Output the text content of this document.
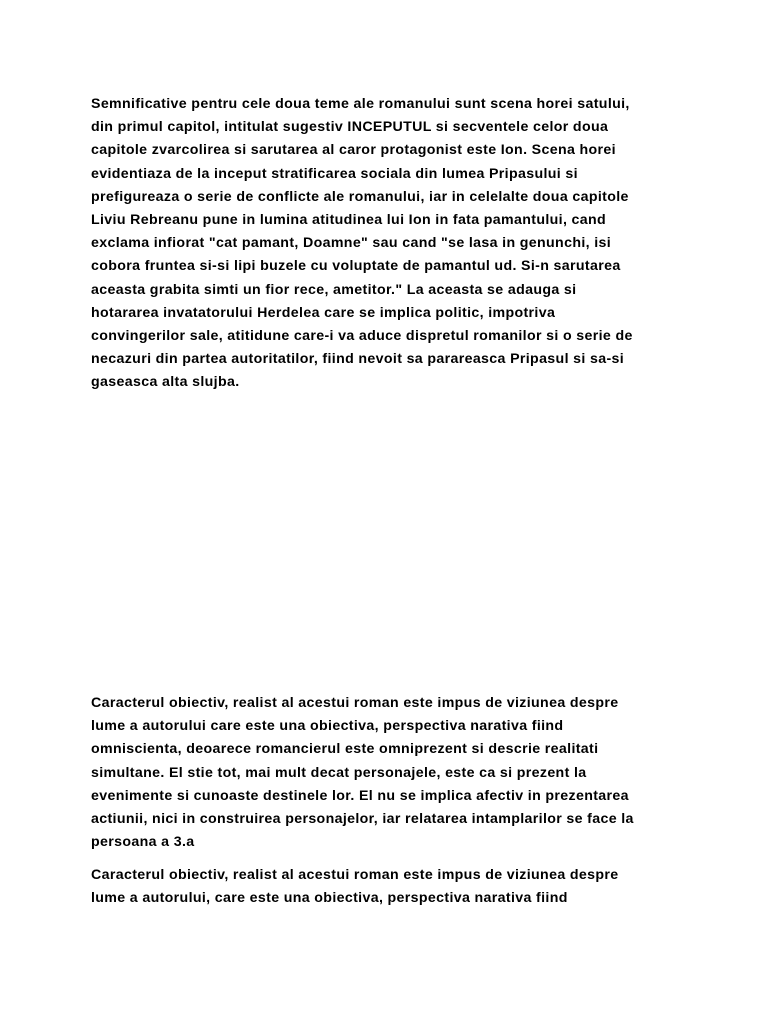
Semnificative pentru cele doua teme ale romanului sunt scena horei satului,
din primul capitol, intitulat sugestiv INCEPUTUL si secventele celor doua
capitole zvarcolirea si sarutarea al caror protagonist este Ion. Scena horei
evidentiaza de la inceput stratificarea sociala din lumea Pripasului si
prefigureaza o serie de conflicte ale romanului, iar in celelalte doua capitole
Liviu Rebreanu pune in lumina atitudinea lui Ion in fata pamantului, cand
exclama infiorat "cat pamant, Doamne" sau cand "se lasa in genunchi, isi
cobora fruntea si-si lipi buzele cu voluptate de pamantul ud. Si-n sarutarea
aceasta grabita simti un fior rece, ametitor." La aceasta se adauga si
hotararea invatatorului Herdelea care se implica politic, impotriva
convingerilor sale, atitidune care-i va aduce dispretul romanilor si o serie de
necazuri din partea autoritatilor, fiind nevoit sa parareasca Pripasul si sa-si
gaseasca alta slujba.

Caracterul obiectiv, realist al acestui roman este impus de viziunea despre
lume a autorului care este una obiectiva, perspectiva narativa fiind
omniscienta, deoarece romancierul este omniprezent si descrie realitati
simultane. El stie tot, mai mult decat personajele, este ca si prezent la
evenimente si cunoaste destinele lor. El nu se implica afectiv in prezentarea
actiunii, nici in construirea personajelor, iar relatarea intamplarilor se face la
persoana a 3.a

Caracterul obiectiv, realist al acestui roman este impus de viziunea despre
lume a autorului, care este una obiectiva, perspectiva narativa fiind
